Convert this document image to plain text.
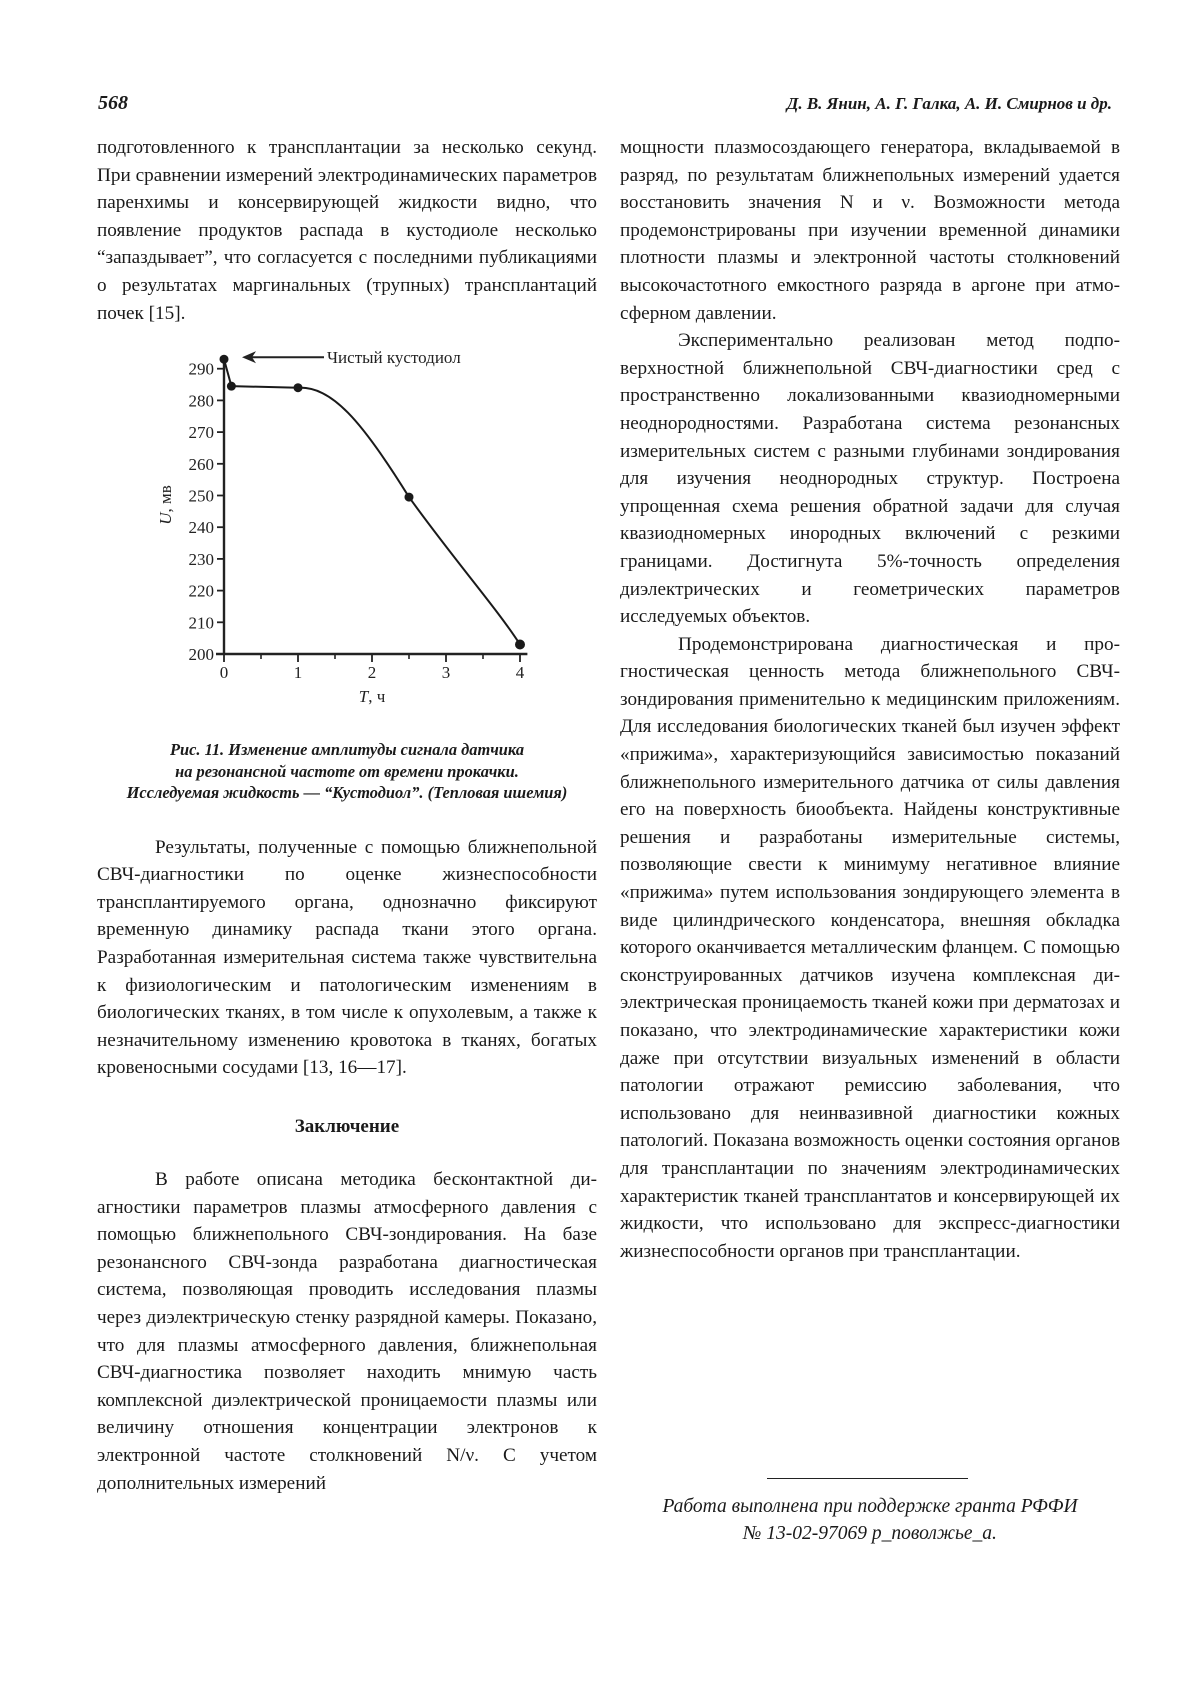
568	Д. В. Янин, А. Г. Галка, А. И. Смирнов и др.

подготовленного к трансплантации за несколько секунд. При сравнении измерений электродинамических параметров паренхимы и консервирующей жидкости видно, что появление продуктов распада в кустодиоле несколько “запаздывает”, что согласуется с последними публикациями о результатах маргинальных (трупных) трансплантаций почек [15].

200
210
220
230
240
250
260
270
280
290
0	1	2	3	4
U, мв
T, ч
Чистый кустодиол

Рис. 11. Изменение амплитуды сигнала датчика

на резонансной частоте от времени прокачки.

Исследуемая жидкость — “Кустодиол”. (Тепловая ишемия)

Результаты, полученные с помощью ближнепольной СВЧ-диагностики по оценке жизнеспособности трансплантируемого органа, однозначно фиксируют временную динамику распада ткани этого органа. Разработанная измерительная система также чувствительна к физиологическим и патологическим изменениям в биологических тканях, в том числе к опухолевым, а также к незначительному изменению кровотока в тканях, богатых кровеносными сосудами [13, 16—17].

Заключение

В работе описана методика бесконтактной диагностики параметров плазмы атмосферного давления с помощью ближнепольного СВЧ-зондирования. На базе резонансного СВЧ-зонда разработана диагностическая система, позволяющая проводить исследования плазмы через диэлектрическую стенку разрядной камеры. Показано, что для плазмы атмосферного давления, ближнепольная СВЧ-диагностика позволяет находить мнимую часть комплексной диэлектрической проницаемости плазмы или величину отношения концентрации электронов к электронной частоте столкновений N/ν. С учетом дополнительных измерений

мощности плазмосоздающего генератора, вкладываемой в разряд, по результатам ближнепольных измерений удается восстановить значения N и ν. Возможности метода продемонстрированы при изучении временной динамики плотности плазмы и электронной частоты столкновений высокочастотного емкостного разряда в аргоне при атмосферном давлении.

Экспериментально реализован метод подповерхностной ближнепольной СВЧ-диагностики сред с пространственно локализованными квазиодномерными неоднородностями. Разработана система резонансных измерительных систем с разными глубинами зондирования для изучения неоднородных структур. Построена упрощенная схема решения обратной задачи для случая квазиодномерных инородных включений с резкими границами. Достигнута 5%-точность определения диэлектрических и геометрических параметров исследуемых объектов.

Продемонстрирована диагностическая и прогностическая ценность метода ближнепольного СВЧ-зондирования применительно к медицинским приложениям. Для исследования биологических тканей был изучен эффект «прижима», характеризующийся зависимостью показаний ближнепольного измерительного датчика от силы давления его на поверхность биообъекта. Найдены конструктивные решения и разработаны измерительные системы, позволяющие свести к минимуму негативное влияние «прижима» путем использования зондирующего элемента в виде цилиндрического конденсатора, внешняя обкладка которого оканчивается металлическим фланцем. С помощью сконструированных датчиков изучена комплексная диэлектрическая проницаемость тканей кожи при дерматозах и показано, что электродинамические характеристики кожи даже при отсутствии визуальных изменений в области патологии отражают ремиссию заболевания, что использовано для неинвазивной диагностики кожных патологий. Показана возможность оценки состояния органов для трансплантации по значениям электродинамических характеристик тканей трансплантатов и консервирующей их жидкости, что использовано для экспресс-диагностики жизнеспособности органов при трансплантации.

Работа выполнена при поддержке гранта РФФИ
№ 13-02-97069 р_поволжье_а.
